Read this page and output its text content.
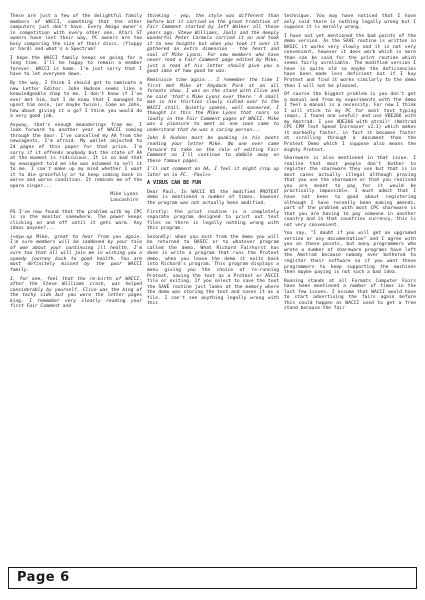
These are just a few of the delightful family members of WACCI, something that the other computers just don't have. Every Amiga owner's in competition with every other one, Atari ST owners have lost their way, PC owners are too busy comparing the size of their discs, (floppy or hard) and what's a Spectrum?

I hope the WACCI family keeps on going for a long time. I'll be happy to remain a member forever. WACCI is home. I'm just sorry that I have to let everyone down.

By the way, I think I should get to nominate a new Letter Editor. John Hudson seems like a knowledgeable chap to me. I don't know if I've ever met him, but I do know that I managed to upset him once, (or maybe twice). Come on John, how about giving it a go? I think you would do a very good job.

Anyway, that's enough meanderings from me. I look forward to another year of WACCI coming through the door. I've cancelled my AA from the newsagents, I'm afraid. My wallet objected to 24 pages of thin paper for that price. I'm sorry if it offends anybody but the state of AA at the moment is ridiculous. It is so bad that my newsagent told me she was ashamed to sell it to me. I can't make up my mind whether I want it to die gracefully or to keep coming back in worse and worse condition. It reminds me of the opera singer...

Mike Lyons
Lancashire

PS I've now found that the problem with my CPC is in the monitor somewhere. The power keeps clicking on and off until it gets warm. Any ideas anyone?...

(<dyw-up Mike, great to hear from you again. I'm sure members will be saddened by your tale of woe about your continuing ill health. I'm sure too that all will join me in wishing you a speedy journey back to good health. You are most definitely missed by the poor WACCI family.

I, for one, feel that the re-birth of WACCI, after the Steve Williams crash, was helped considerably by yourself. Clive was the king of the techy side but you were the letter pages king. I remember very clearly reading your first Fair Comment and

thinking - yep, the style was different than before but it carried on the great tradition of Fair Comment started by Jeff Walker all those years ago. Steve Williams, Jools and the deeply wonderful Peter Carmelo carried it on and took it to new heights but when you took it over it gathered an extra dimension - the heart and soul of Mike Lyons. For new members who have never read a Fair Comment page edited by Mike, just a read of his letter should give you a good idea of how good he was.

Reminisce time again... I remember the time I first met Mike at Haydock Park at an all formats show. I was on the stand with Clive and he said 'that's Mike Lyons over there.' A small man in his thirties slowly sidled over to the WACCI stall. Quietly spoken, well mannered, I thought is this the Mike Lyons that roars so loudly in the Fair Comment pages of WACCI. Mike was a pleasure to meet as one soon came to understand that he was a caring person...

John R Hudson must be quaking in his boots reading your letter Mike. No one ever came forward to take on the role of editing Fair Comment so I'll continue to dabble away on these famous pages.

I'll not comment on AA, I feel it might crop up later on in FC. -Paul>>

A VIRUS CAN BE FUN

Dear Paul, In WACCI 85 the modified PROTEXT demo is mentioned a number of times, however the program was not actually been modified.

Firstly: the print routine is a completely separate program designed to print out text files so there is legally nothing wrong with this program.

Secondly: when you exit from the demo you will be returned to BASIC or to whatever program called the demo. What Richard Fairhurst has done is write a program that runs the Protext demo, when you leave the demo it exits back into Richard's program. This program displays a menu giving you the choice of re-running Protext, saving the text as a Protext or ASCII file or exiting. If you select to save the text the SAVE routine just looks at the memory where the demo was storing the text and saves it as a file. I can't see anything legally wrong with this

technique. You may have noticed that I have only said there is nothing legally wrong but I suppose it is morally wrong.

I have not yet mentioned the bad points of the demo version. As the SAVE routine is written in BASIC it works very slowly and it is not very convenient, however it does work which is more than can be said for the print routine which seems fairly unreliable. The modified version I have is quite old so maybe the deficiencies have been made less deficient but if I buy Protext and find it works similarly to the demo then I will not be pleased.

Of course the biggest problem is you don't get a manual and from my experiments with the demo I feel a manual is a necessity. For now I think I will stick to my PC for most text typing (oops, I found one useful) and use VDE266 with my Amstrad. I use VDE266 with qtrail! (Amstrad CPC CPM Text Speed Increaser v2.1) which makes it markedly faster, in fact it becomes faster at scrolling through a document than the Protext Demo which I suppose also means the mighty Protext.

Shareware is also mentioned in that issue. I realise that most people don't bother to register the shareware they use but that is in most cases actually illegal although proving that you use the shareware or that you realised you are meant to pay for it would be practically impossible. I must admit that I have not been to good about registering although I have recently been making amends, part of the problem with most CPC shareware is that you are having to pay someone in another country and in that countries currency, this is not very convenient.

You say, "I doubt if you will get an upgraded version or any documentation" and I agree with you on these points, but many programmers who wrote a number of shareware programs have left the Amstrad because nobody ever bothered to register their software so if you want these programmers to keep supporting the machines then maybe paying is not such a bad idea.

Running stands at all Formats Computer Fairs have been mentioned a number of times in the last few issues. I assume that WACCI would have to start advertising the fairs again before this could happen as WACCI used to get a free stand because the fair

Page 6
